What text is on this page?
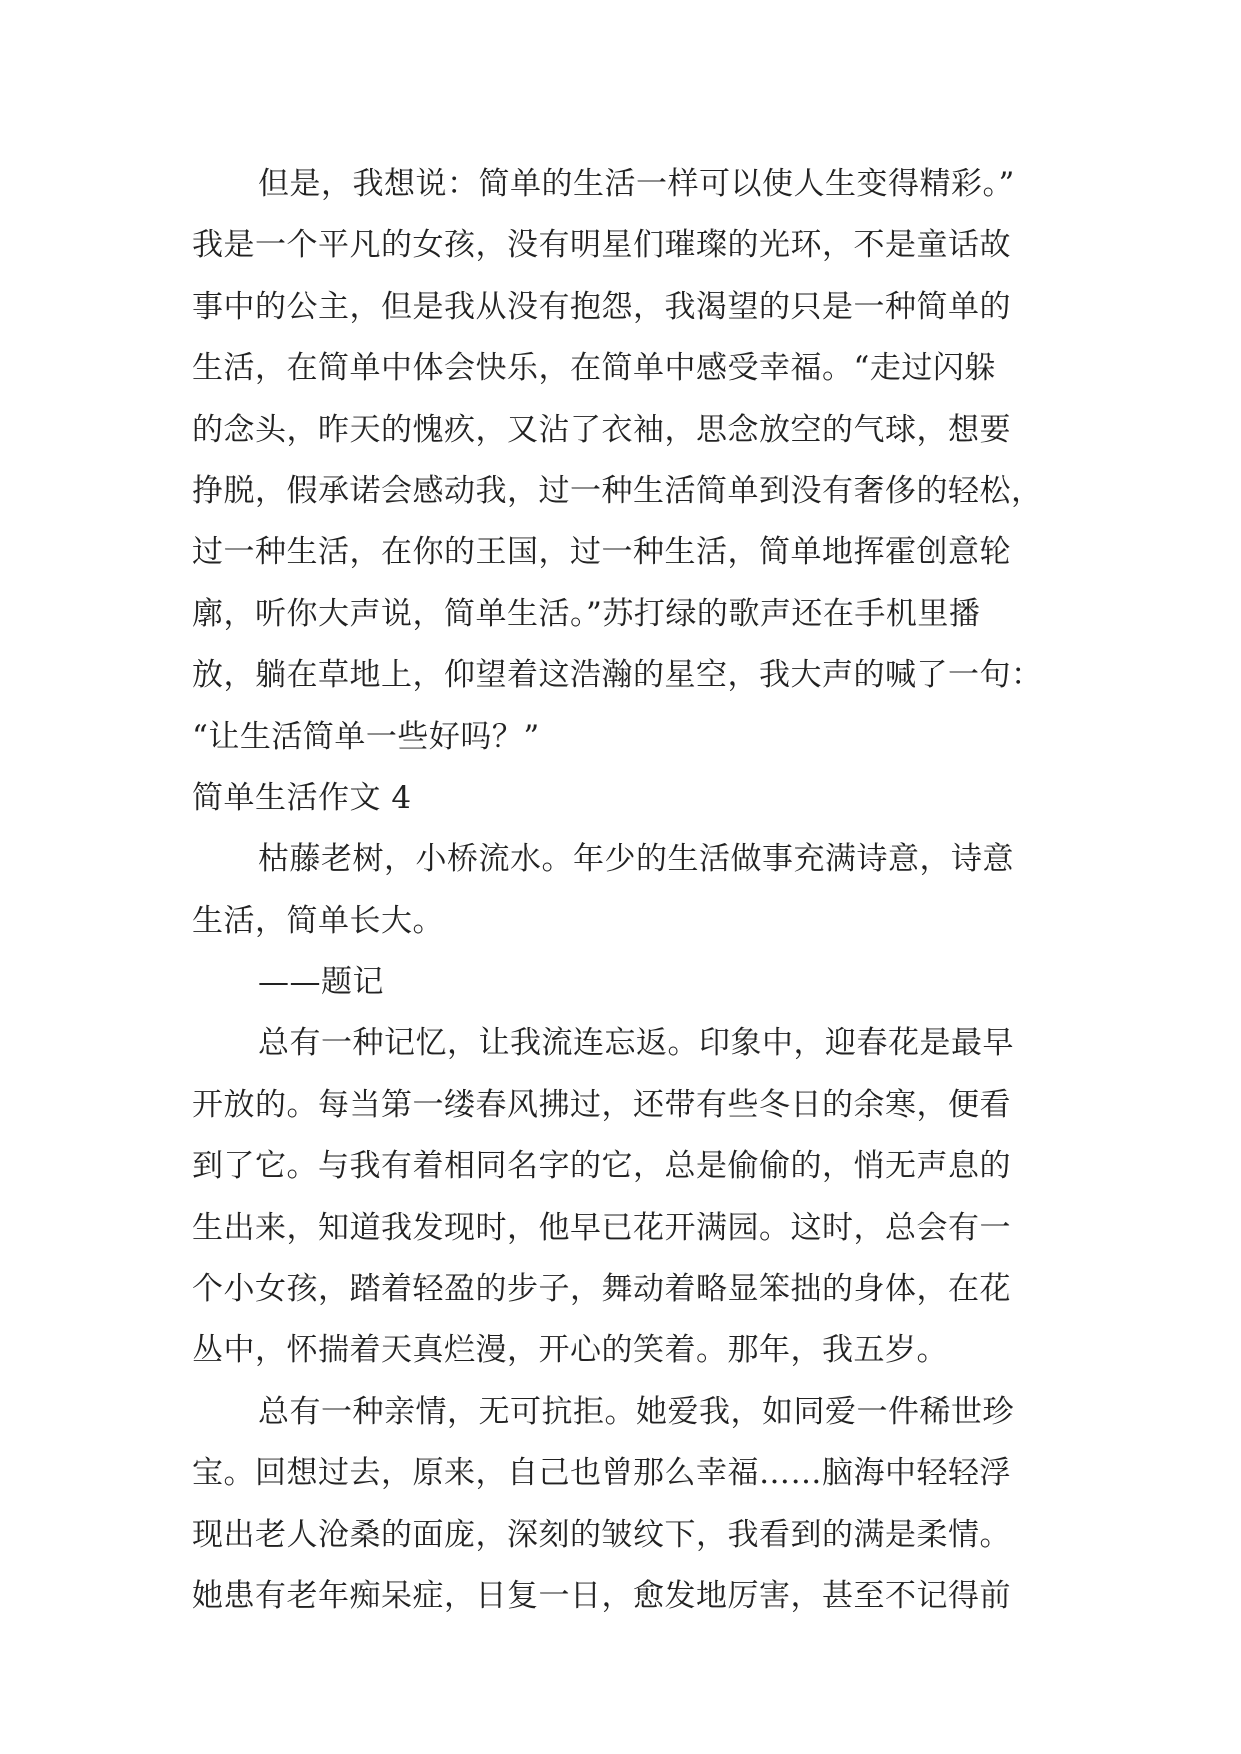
但是，我想说：简单的生活一样可以使人生变得精彩。”
我是一个平凡的女孩，没有明星们璀璨的光环，不是童话故
事中的公主，但是我从没有抱怨，我渴望的只是一种简单的
生活，在简单中体会快乐，在简单中感受幸福。“走过闪躲
的念头，昨天的愧疚，又沾了衣袖，思念放空的气球，想要
挣脱，假承诺会感动我，过一种生活简单到没有奢侈的轻松，
过一种生活，在你的王国，过一种生活，简单地挥霍创意轮
廓，听你大声说，简单生活。”苏打绿的歌声还在手机里播
放，躺在草地上，仰望着这浩瀚的星空，我大声的喊了一句：
“让生活简单一些好吗？”
简单生活作文 4
枯藤老树，小桥流水。年少的生活做事充满诗意，诗意
生活，简单长大。
——题记
总有一种记忆，让我流连忘返。印象中，迎春花是最早
开放的。每当第一缕春风拂过，还带有些冬日的余寒，便看
到了它。与我有着相同名字的它，总是偷偷的，悄无声息的
生出来，知道我发现时，他早已花开满园。这时，总会有一
个小女孩，踏着轻盈的步子，舞动着略显笨拙的身体，在花
丛中，怀揣着天真烂漫，开心的笑着。那年，我五岁。
总有一种亲情，无可抗拒。她爱我，如同爱一件稀世珍
宝。回想过去，原来，自己也曾那么幸福……脑海中轻轻浮
现出老人沧桑的面庞，深刻的皱纹下，我看到的满是柔情。
她患有老年痴呆症，日复一日，愈发地厉害，甚至不记得前
